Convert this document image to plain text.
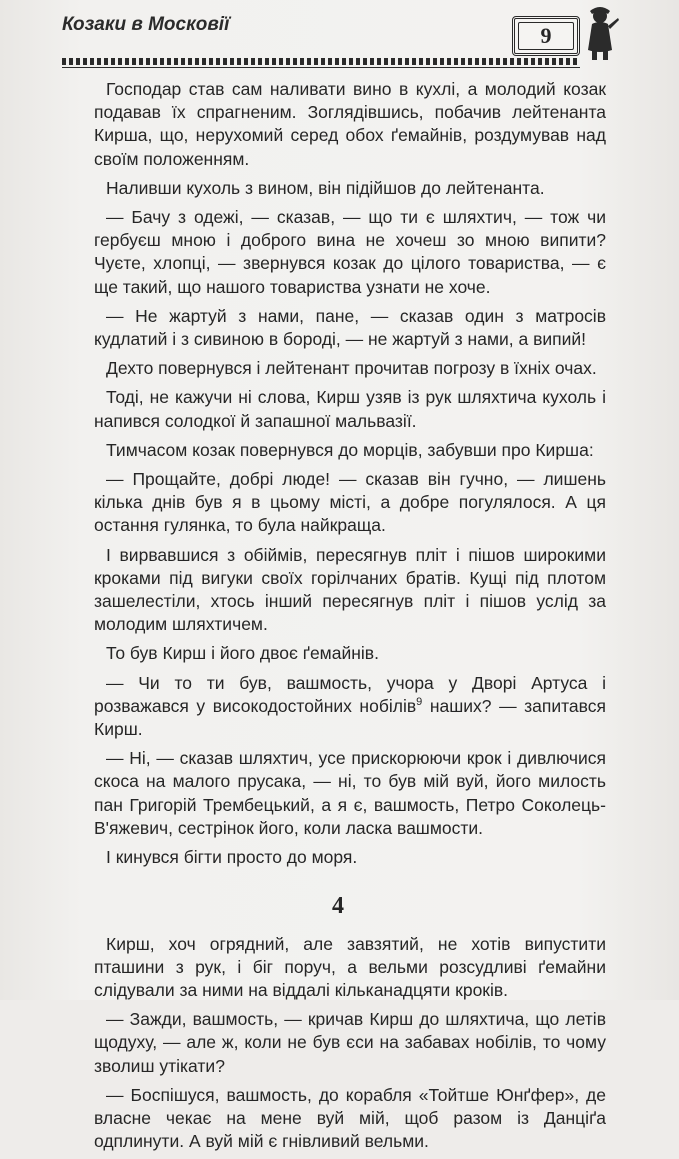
Козаки в Московії	9

Господар став сам наливати вино в кухлі, а молодий козак подавав їх спрагненим. Зоглядівшись, побачив лейтенанта Кирша, що, нерухомий серед обох ґемайнів, роздумував над своїм положенням.

Наливши кухоль з вином, він підійшов до лейтенанта.

— Бачу з одежі, — сказав, — що ти є шляхтич, — тож чи гербуєш мною і доброго вина не хочеш зо мною випити? Чуєте, хлопці, — звернувся козак до цілого товариства, — є ще такий, що нашого товариства узнати не хоче.

— Не жартуй з нами, пане, — сказав один з матросів кудлатий і з сивиною в бороді, — не жартуй з нами, а випий!

Дехто повернувся і лейтенант прочитав погрозу в їхніх очах.

Тоді, не кажучи ні слова, Кирш узяв із рук шляхтича кухоль і напився солодкої й запашної мальвазії.

Тимчасом козак повернувся до морців, забувши про Кирша:

— Прощайте, добрі люде! — сказав він гучно, — лишень кілька днів був я в цьому місті, а добре погулялося. А ця остання гулянка, то була найкраща.

І вирвавшися з обіймів, пересягнув пліт і пішов широкими кроками під вигуки своїх горілчаних братів. Кущі під плотом зашелестіли, хтось інший пересягнув пліт і пішов услід за молодим шляхтичем.

То був Кирш і його двоє ґемайнів.

— Чи то ти був, вашмость, учора у Дворі Артуса і розважався у високодостойних нобілів$^9$ наших? — запитався Кирш.

— Ні, — сказав шляхтич, усе прискорюючи крок і дивлючися скоса на малого прусака, — ні, то був мій вуй, його милость пан Григорій Трембецький, а я є, вашмость, Петро Соколець-В'яжевич, сестрінок його, коли ласка вашмости.

І кинувся бігти просто до моря.

4

Кирш, хоч огрядний, але завзятий, не хотів випустити пташини з рук, і біг поруч, а вельми розсудливі ґемайни слідували за ними на віддалі кільканадцяти кроків.

— Зажди, вашмость, — кричав Кирш до шляхтича, що летів щодуху, — але ж, коли не був єси на забавах нобілів, то чому зволиш утікати?

— Боспішуся, вашмость, до корабля «Тойтше Юнґфер», де власне чекає на мене вуй мій, щоб разом із Данціґа одплинути. А вуй мій є гнівливий вельми.
